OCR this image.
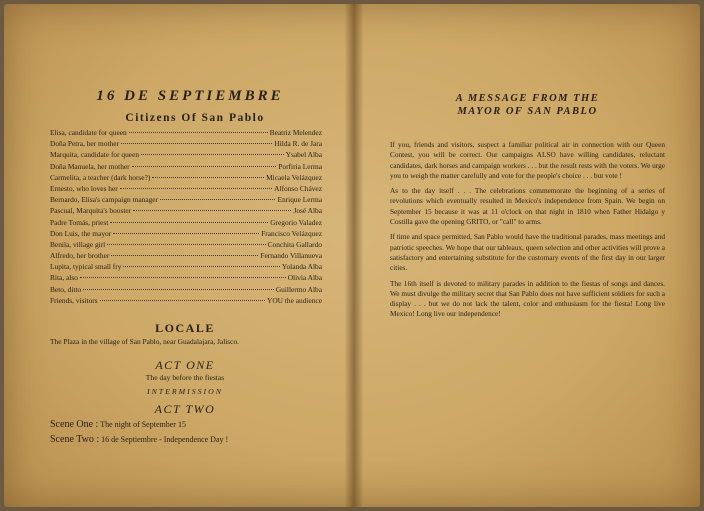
16 DE SEPTIEMBRE
Citizens Of San Pablo
Elisa, candidate for queen	Beatriz Melendez
Doña Petra, her mother	Hilda R. de Jara
Marquita, candidate for queen	Ysabel Alba
Doña Manuela, her mother	Porfiria Lerma
Carmelita, a teacher (dark horse?)	Micaela Velázquez
Ernesto, who loves her	Alfonso Chávez
Bernardo, Elisa's campaign manager	Enrique Lerma
Pascual, Marquita's booster	José Alba
Padre Tomás, priest	Gregorio Valadez
Don Luis, the mayor	Francisco Velázquez
Benila, village girl	Conchita Gallardo
Alfredo, her brother	Fernando Villanueva
Lupita, typical small fry	Yolanda Alba
Rita, also	Olivia Alba
Beto, ditto	Guillermo Alba
Friends, visitors	YOU the audience
LOCALE
The Plaza in the village of San Pablo, near Guadalajara, Jalisco.
ACT ONE
The day before the fiestas
INTERMISSION
ACT TWO
Scene One : The night of September 15
Scene Two : 16 de Septiembre - Independence Day !
A MESSAGE FROM THE
MAYOR OF SAN PABLO

If you, friends and visitors, suspect a familiar political air in connection with our Queen Contest, you will be correct. Our campaigns ALSO have willing candidates, reluctant candidates, dark horses and campaign workers . . . but the result rests with the voters. We urge you to weigh the matter carefully and vote for the people's choice . . . but vote !

As to the day itself . . . The celebrations commemorate the beginning of a series of revolutions which eventually resulted in Mexico's independence from Spain. We begin on September 15 because it was at 11 o'clock on that night in 1810 when Father Hidalgo y Costilla gave the opening GRITO, or "call" to arms.

If time and space permitted, San Pablo would have the traditional parades, mass meetings and patriotic speeches. We hope that our tableaux, queen selection and other activities will prove a satisfactory and entertaining substitute for the customary events of the first day in our larger cities.

The 16th itself is devoted to military parades in addition to the fiestas of songs and dances. We must divulge the military secret that San Pablo does not have sufficient soldiers for such a display . . . but we do not lack the talent, color and enthusiasm for the fiesta! Long live Mexico! Long live our independence!
